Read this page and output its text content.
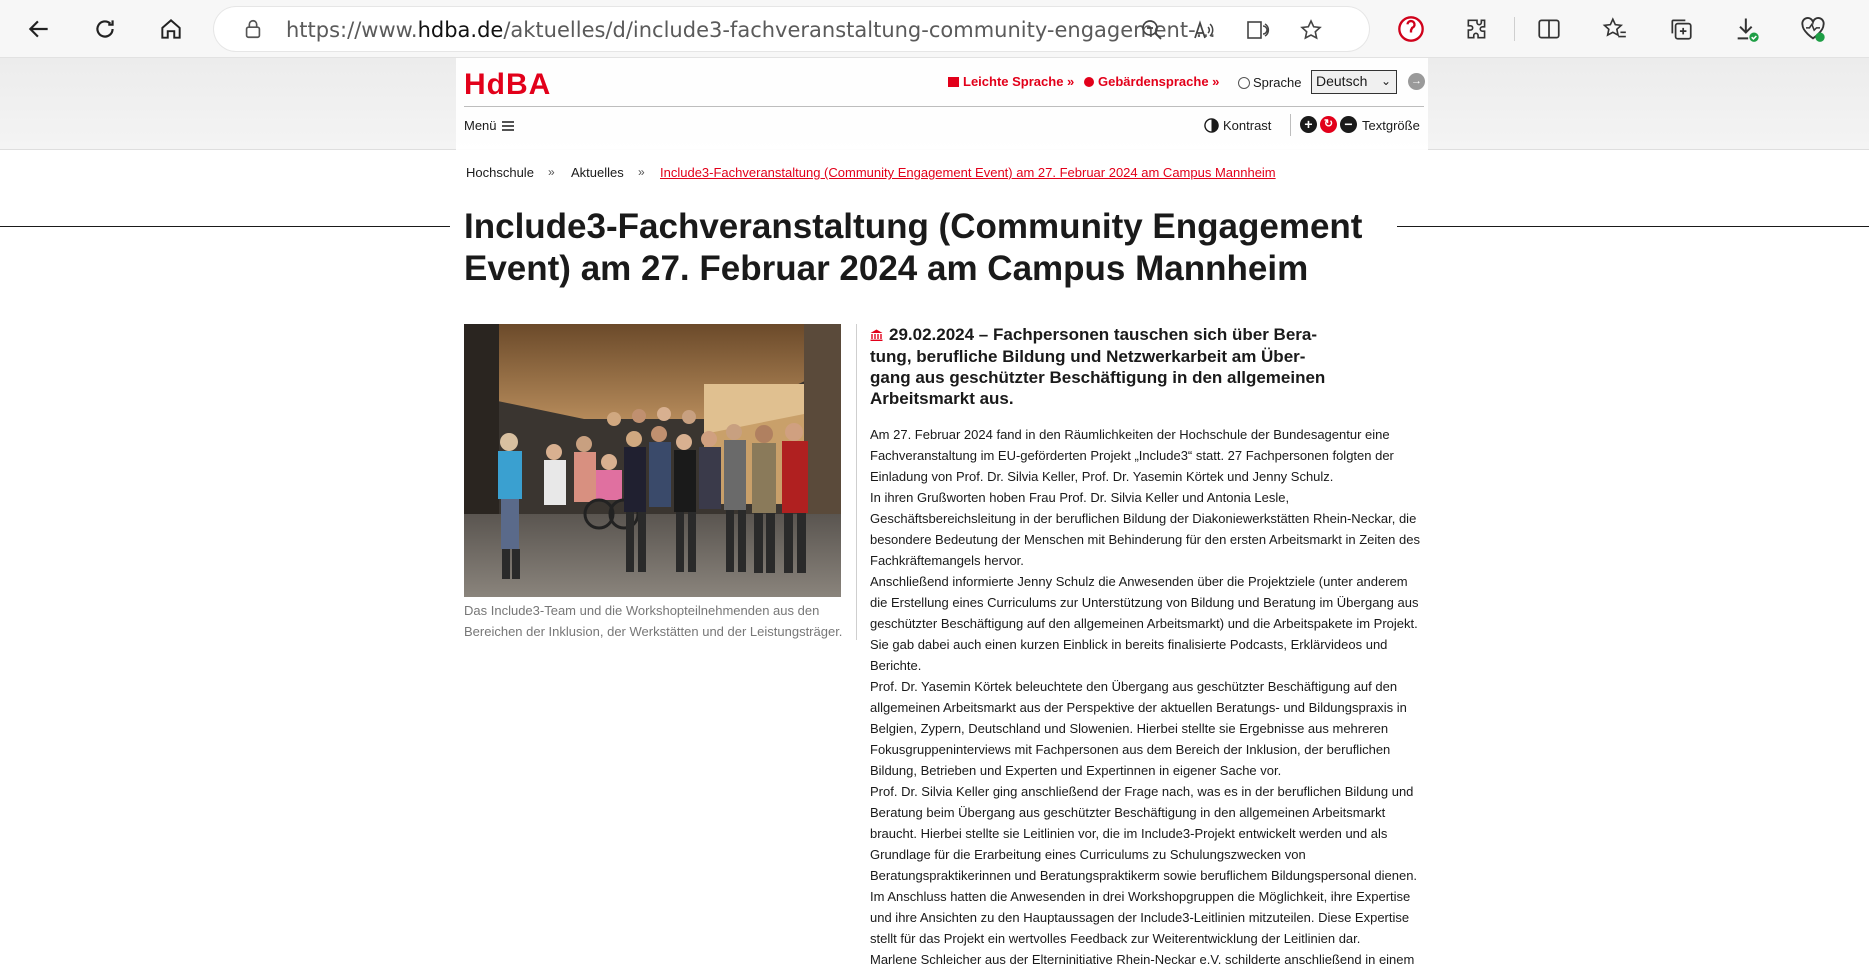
https://www.hdba.de/aktuelles/d/include3-fachveranstaltung-community-engagement-...
HdBA	Leichte Sprache »	Gebärdensprache »	Sprache	Deutsch ⌄ →
Menü	Kontrast	+	↻ − Textgröße
Hochschule » Aktuelles » Include3-Fachveranstaltung (Community Engagement Event) am 27. Februar 2024 am Campus Mannheim
Include3-Fachveranstaltung (Community Engagement Event) am 27. Februar 2024 am Campus Mannheim
Das Include3-Team und die Workshopteilnehmenden aus den Bereichen der Inklusion, der Werkstätten und der Leistungsträger.
29.02.2024 – Fachpersonen tauschen sich über Bera-tung, berufliche Bildung und Netzwerkarbeit am Über-gang aus geschützter Beschäftigung in den allgemeinen Arbeitsmarkt aus.

Am 27. Februar 2024 fand in den Räumlichkeiten der Hochschule der Bundesagentur eine Fachveranstaltung im EU-geförderten Projekt „Include3“ statt. 27 Fachpersonen folgten der Einladung von Prof. Dr. Silvia Keller, Prof. Dr. Yasemin Körtek und Jenny Schulz.

In ihren Grußworten hoben Frau Prof. Dr. Silvia Keller und Antonia Lesle, Geschäftsbereichsleitung in der beruflichen Bildung der Diakoniewerkstätten Rhein-Neckar, die besondere Bedeutung der Menschen mit Behinderung für den ersten Arbeitsmarkt in Zeiten des Fachkräftemangels hervor.

Anschließend informierte Jenny Schulz die Anwesenden über die Projektziele (unter anderem die Erstellung eines Curriculums zur Unterstützung von Bildung und Beratung im Übergang aus geschützter Beschäftigung auf den allgemeinen Arbeitsmarkt) und die Arbeitspakete im Projekt. Sie gab dabei auch einen kurzen Einblick in bereits finalisierte Podcasts, Erklärvideos und Berichte.

Prof. Dr. Yasemin Körtek beleuchtete den Übergang aus geschützter Beschäftigung auf den allgemeinen Arbeitsmarkt aus der Perspektive der aktuellen Beratungs- und Bildungspraxis in Belgien, Zypern, Deutschland und Slowenien. Hierbei stellte sie Ergebnisse aus mehreren Fokusgruppeninterviews mit Fachpersonen aus dem Bereich der Inklusion, der beruflichen Bildung, Betrieben und Experten und Expertinnen in eigener Sache vor.

Prof. Dr. Silvia Keller ging anschließend der Frage nach, was es in der beruflichen Bildung und Beratung beim Übergang aus geschützter Beschäftigung in den allgemeinen Arbeitsmarkt braucht. Hierbei stellte sie Leitlinien vor, die im Include3-Projekt entwickelt werden und als Grundlage für die Erarbeitung eines Curriculums zu Schulungszwecken von Beratungspraktikerinnen und Beratungspraktikerm sowie beruflichem Bildungspersonal dienen.

Im Anschluss hatten die Anwesenden in drei Workshopgruppen die Möglichkeit, ihre Expertise und ihre Ansichten zu den Hauptaussagen der Include3-Leitlinien mitzuteilen. Diese Expertise stellt für das Projekt ein wertvolles Feedback zur Weiterentwicklung der Leitlinien dar.

Marlene Schleicher aus der Elterninitiative Rhein-Neckar e.V. schilderte anschließend in einem
